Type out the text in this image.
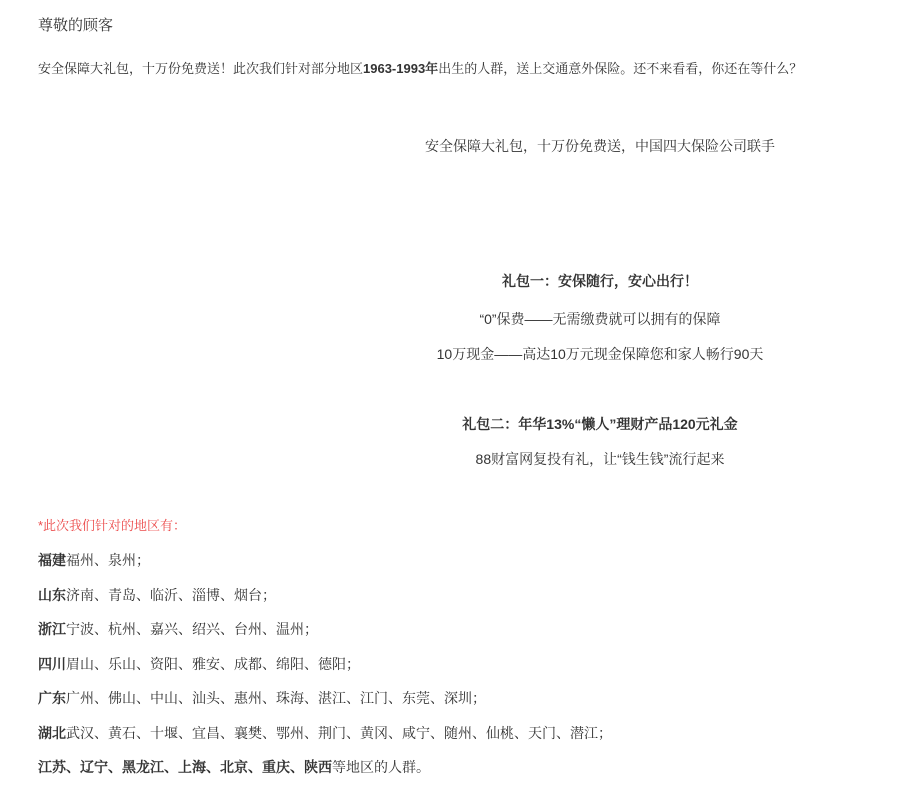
尊敬的顾客

安全保障大礼包，十万份免费送！此次我们针对部分地区1963-1993年出生的人群，送上交通意外保险。还不来看看，你还在等什么？

安全保障大礼包，十万份免费送，中国四大保险公司联手

礼包一：安保随行，安心出行！

“0”保费——无需缴费就可以拥有的保障

10万现金——高达10万元现金保障您和家人畅行90天

礼包二：年华13%“懒人”理财产品120元礼金

88财富网复投有礼，让“钱生钱”流行起来

*此次我们针对的地区有：

福建福州、泉州；

山东济南、青岛、临沂、淄博、烟台；

浙江宁波、杭州、嘉兴、绍兴、台州、温州；

四川眉山、乐山、资阳、雅安、成都、绵阳、德阳；

广东广州、佛山、中山、汕头、惠州、珠海、湛江、江门、东莞、深圳；

湖北武汉、黄石、十堰、宜昌、襄樊、鄂州、荆门、黄冈、咸宁、随州、仙桃、天门、潜江；

江苏、辽宁、黑龙江、上海、北京、重庆、陕西等地区的人群。
